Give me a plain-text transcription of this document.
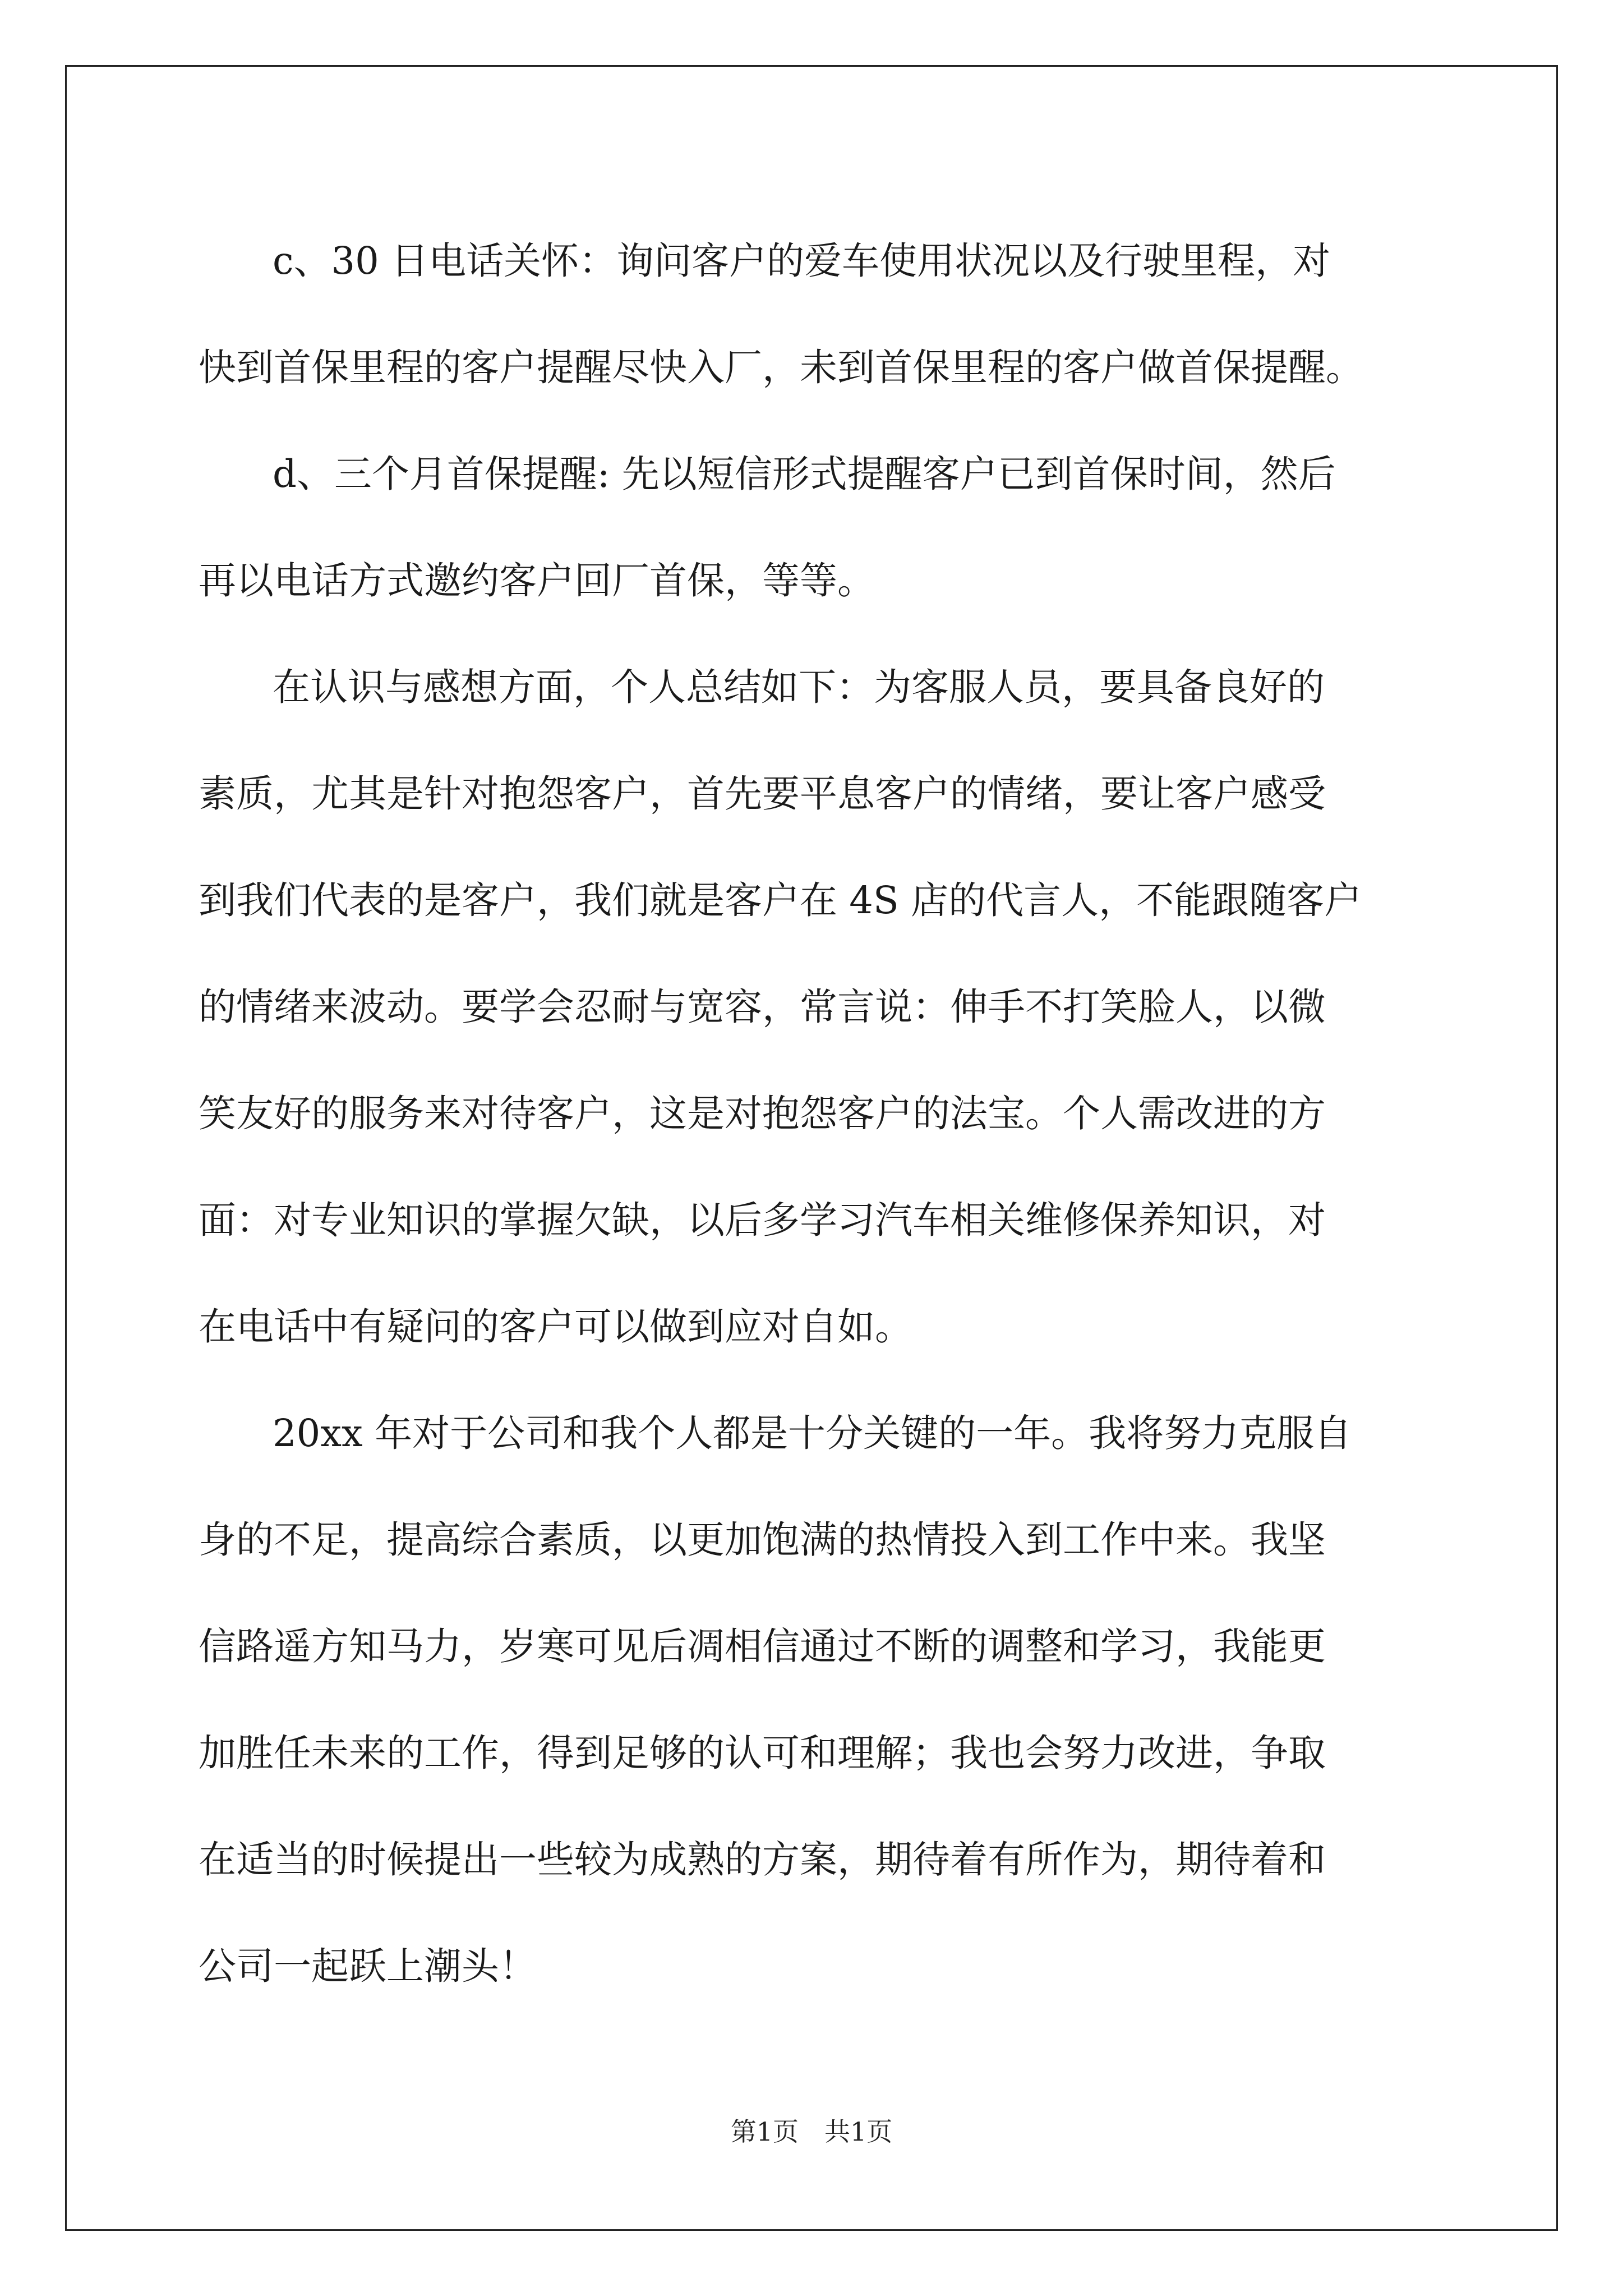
c、30 日电话关怀：询问客户的爱车使用状况以及行驶里程，对
快到首保里程的客户提醒尽快入厂，未到首保里程的客户做首保提醒。
d、三个月首保提醒: 先以短信形式提醒客户已到首保时间，然后
再以电话方式邀约客户回厂首保，等等。
在认识与感想方面，个人总结如下：为客服人员，要具备良好的
素质，尤其是针对抱怨客户，首先要平息客户的情绪，要让客户感受
到我们代表的是客户，我们就是客户在 4S 店的代言人，不能跟随客户
的情绪来波动。要学会忍耐与宽容，常言说：伸手不打笑脸人，以微
笑友好的服务来对待客户，这是对抱怨客户的法宝。个人需改进的方
面：对专业知识的掌握欠缺，以后多学习汽车相关维修保养知识，对
在电话中有疑问的客户可以做到应对自如。
20xx 年对于公司和我个人都是十分关键的一年。我将努力克服自
身的不足，提高综合素质，以更加饱满的热情投入到工作中来。我坚
信路遥方知马力，岁寒可见后凋相信通过不断的调整和学习，我能更
加胜任未来的工作，得到足够的认可和理解；我也会努力改进，争取
在适当的时候提出一些较为成熟的方案，期待着有所作为，期待着和
公司一起跃上潮头！
第1页　共1页
